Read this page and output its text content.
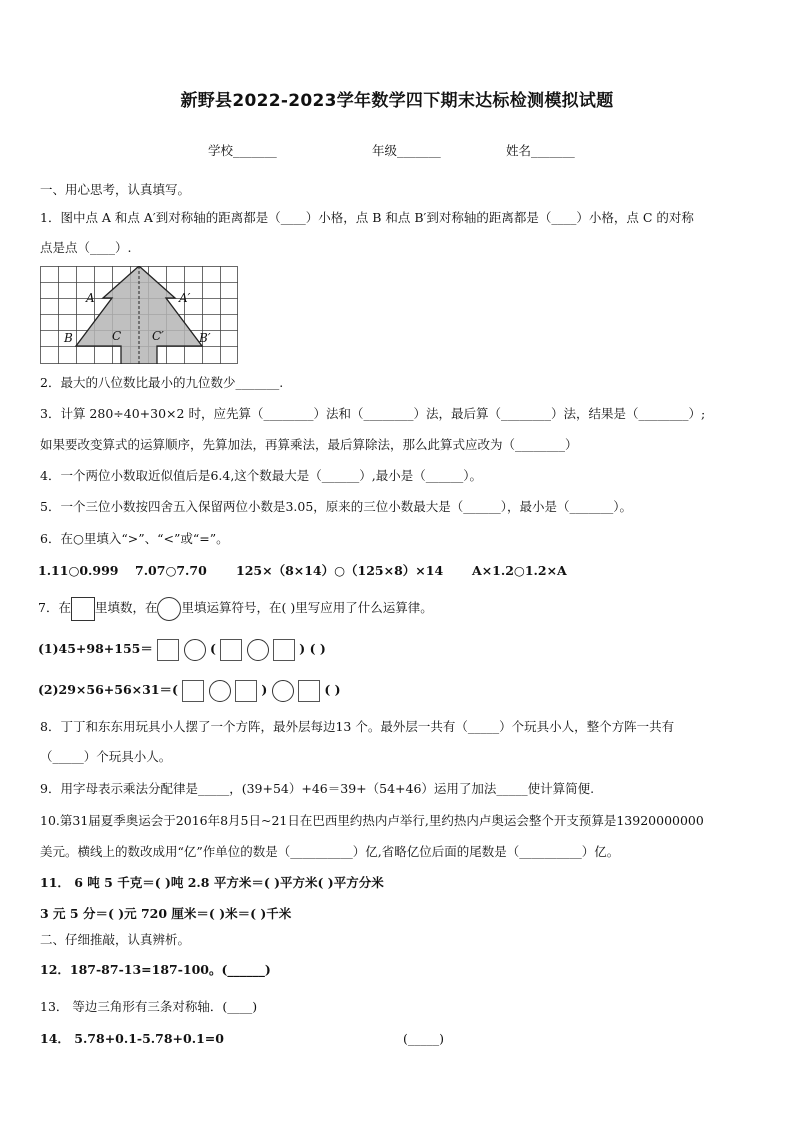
新野县2022-2023学年数学四下期末达标检测模拟试题
学校_______	年级_______	姓名_______
一、用心思考，认真填写。
1．图中点 A 和点 A′到对称轴的距离都是（____）小格，点 B 和点 B′到对称轴的距离都是（____）小格，点 C 的对称
点是点（____）.
A	A′
B	C	C′	B′
2．最大的八位数比最小的九位数少_______.
3．计算 280÷40+30×2 时，应先算（________）法和（________）法，最后算（________）法，结果是（________）;
如果要改变算式的运算顺序，先算加法，再算乘法，最后算除法，那么此算式应改为（________）
4．一个两位小数取近似值后是6.4,这个数最大是（______）,最小是（______）。
5．一个三位小数按四舍五入保留两位小数是3.05，原来的三位小数最大是（______），最小是（_______）。
6．在○里填入“>”、“<”或“=”。
1.11○0.999 7.07○7.70 125×（8×14）○（125×8）×14 A×1.2○1.2×A
7．在 里填数，在 里填运算符号，在( )里写应用了什么运算律。
(1)45+98+155＝	(	) ( )
(2)29×56+56×31＝(	)	( )
8．丁丁和东东用玩具小人摆了一个方阵，最外层每边13 个。最外层一共有（_____）个玩具小人，整个方阵一共有
（_____）个玩具小人。
9．用字母表示乘法分配律是_____，(39+54）+46＝39+（54+46）运用了加法_____使计算简便.
10.第31届夏季奥运会于2016年8月5日~21日在巴西里约热内卢举行,里约热内卢奥运会整个开支预算是13920000000
美元。横线上的数改成用“亿”作单位的数是（__________）亿,省略亿位后面的尾数是（__________）亿。
11． 6 吨 5 千克＝( )吨 2.8 平方米＝( )平方米( )平方分米
3 元 5 分＝( )元 720 厘米＝( )米＝( )千米
二、仔细推敲，认真辨析。
12．187-87-13=187-100。(______)
13． 等边三角形有三条对称轴．(____)
14． 5.78+0.1-5.78+0.1=0	(_____)
